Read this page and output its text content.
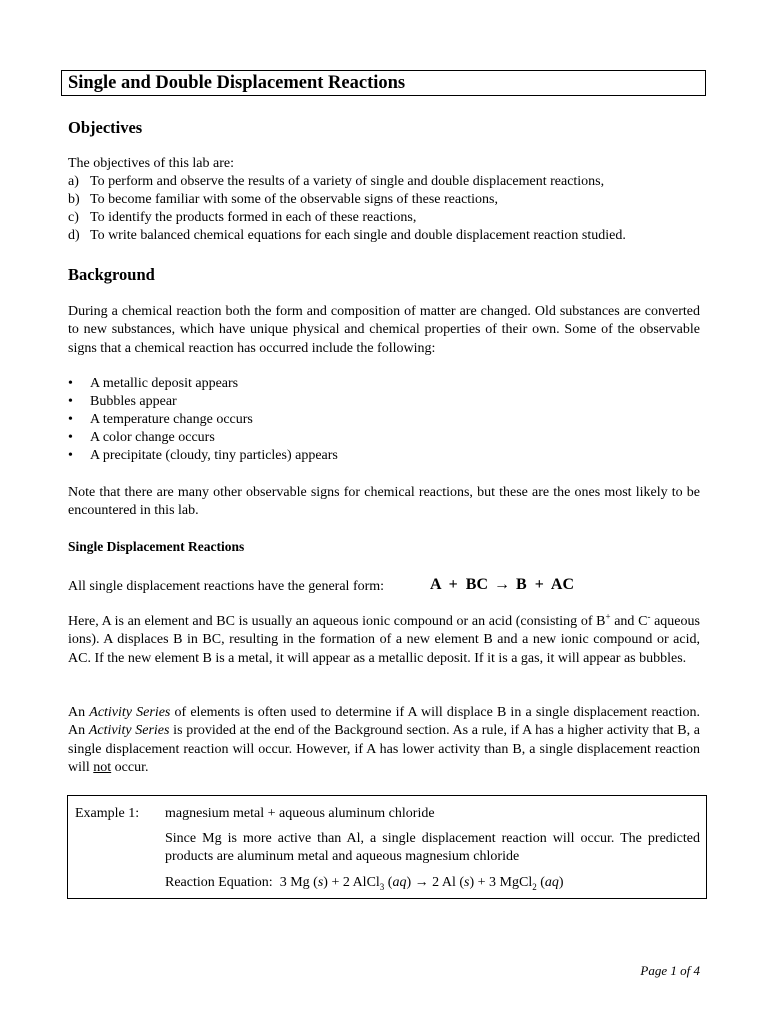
Single and Double Displacement Reactions
Objectives
The objectives of this lab are:
a) To perform and observe the results of a variety of single and double displacement reactions,
b) To become familiar with some of the observable signs of these reactions,
c) To identify the products formed in each of these reactions,
d) To write balanced chemical equations for each single and double displacement reaction studied.
Background
During a chemical reaction both the form and composition of matter are changed. Old substances are converted to new substances, which have unique physical and chemical properties of their own. Some of the observable signs that a chemical reaction has occurred include the following:
• A metallic deposit appears
• Bubbles appear
• A temperature change occurs
• A color change occurs
• A precipitate (cloudy, tiny particles) appears
Note that there are many other observable signs for chemical reactions, but these are the ones most likely to be encountered in this lab.
Single Displacement Reactions
All single displacement reactions have the general form:	A  +  BC → B  +  AC
Here, A is an element and BC is usually an aqueous ionic compound or an acid (consisting of B+ and C- aqueous ions). A displaces B in BC, resulting in the formation of a new element B and a new ionic compound or acid, AC. If the new element B is a metal, it will appear as a metallic deposit. If it is a gas, it will appear as bubbles.
An Activity Series of elements is often used to determine if A will displace B in a single displacement reaction. An Activity Series is provided at the end of the Background section. As a rule, if A has a higher activity that B, a single displacement reaction will occur. However, if A has lower activity than B, a single displacement reaction will not occur.
Example 1: magnesium metal + aqueous aluminum chloride
Since Mg is more active than Al, a single displacement reaction will occur. The predicted products are aluminum metal and aqueous magnesium chloride
Reaction Equation: 3 Mg (s) + 2 AlCl$_3$ (aq) → 2 Al (s) + 3 MgCl$_2$ (aq)
Page 1 of 4
